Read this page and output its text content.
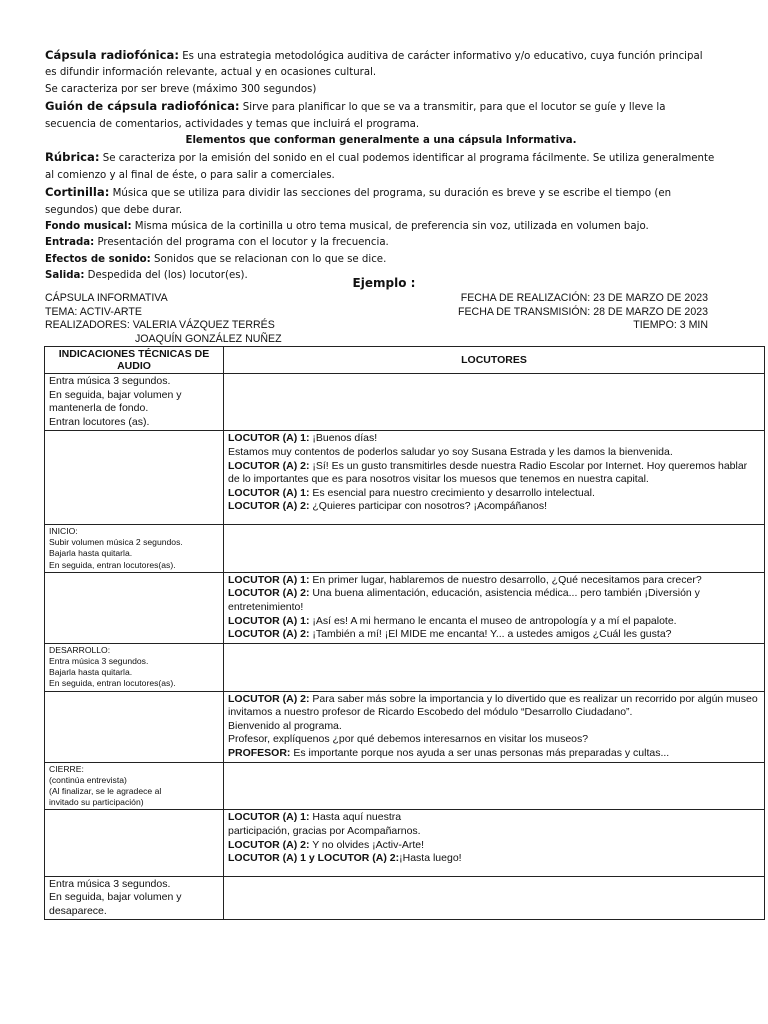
Cápsula radiofónica: Es una estrategia metodológica auditiva de carácter informativo y/o educativo, cuya función principal es difundir información relevante, actual y en ocasiones cultural.

Se caracteriza por ser breve (máximo 300 segundos)

Guión de cápsula radiofónica: Sirve para planificar lo que se va a transmitir, para que el locutor se guíe y lleve la secuencia de comentarios, actividades y temas que incluirá el programa.

Elementos que conforman generalmente a una cápsula Informativa.

Rúbrica: Se caracteriza por la emisión del sonido en el cual podemos identificar al programa fácilmente. Se utiliza generalmente al comienzo y al final de éste, o para salir a comerciales.

Cortinilla: Música que se utiliza para dividir las secciones del programa, su duración es breve y se escribe el tiempo (en segundos) que debe durar.

Fondo musical: Misma música de la cortinilla u otro tema musical, de preferencia sin voz, utilizada en volumen bajo.

Entrada: Presentación del programa con el locutor y la frecuencia.

Efectos de sonido: Sonidos que se relacionan con lo que se dice.

Salida: Despedida del (los) locutor(es).

Ejemplo :
CÁPSULA INFORMATIVA	FECHA DE REALIZACIÓN: 23 DE MARZO DE 2023
TEMA: ACTIV-ARTE	FECHA DE TRANSMISIÓN: 28 DE MARZO DE 2023
REALIZADORES: VALERIA VÁZQUEZ TERRÉS	TIEMPO: 3 MIN
JOAQUÍN GONZÁLEZ NUÑEZ
INDICACIONES TÉCNICAS DE AUDIO	LOCUTORES

Entra música 3 segundos.
En seguida, bajar volumen y
mantenerla de fondo.
Entran locutores (as).	

	LOCUTOR (A) 1: ¡Buenos días!
Estamos muy contentos de poderlos saludar yo soy Susana Estrada y les damos la bienvenida.
LOCUTOR (A) 2: ¡Sí! Es un gusto transmitirles desde nuestra Radio Escolar por Internet. Hoy queremos hablar de lo importantes que es para nosotros visitar los muesos que tenemos en nuestra capital.
LOCUTOR (A) 1: Es esencial para nuestro crecimiento y desarrollo intelectual.
LOCUTOR (A) 2: ¿Quieres participar con nosotros? ¡Acompáñanos!

INICIO:
Subir volumen música 2 segundos.
Bajarla hasta quitarla.
En seguida, entran locutores(as).	

	LOCUTOR (A) 1: En primer lugar, hablaremos de nuestro desarrollo, ¿Qué necesitamos para crecer?
LOCUTOR (A) 2: Una buena alimentación, educación, asistencia médica... pero también ¡Diversión y entretenimiento!
LOCUTOR (A) 1: ¡Así es! A mi hermano le encanta el museo de antropología y a mí el papalote.
LOCUTOR (A) 2: ¡También a mí! ¡El MIDE me encanta! Y... a ustedes amigos ¿Cuál les gusta?

DESARROLLO:
Entra música 3 segundos.
Bajarla hasta quitarla.
En seguida, entran locutores(as).	

	LOCUTOR (A) 2: Para saber más sobre la importancia y lo divertido que es realizar un recorrido por algún museo invitamos a nuestro profesor de Ricardo Escobedo del módulo “Desarrollo Ciudadano”.
Bienvenido al programa.
Profesor, explíquenos ¿por qué debemos interesarnos en visitar los museos?
PROFESOR: Es importante porque nos ayuda a ser unas personas más preparadas y cultas...

CIERRE:
(continúa entrevista)
(Al finalizar, se le agradece al
invitado su participación)	

	LOCUTOR (A) 1: Hasta aquí nuestra
participación, gracias por Acompañarnos.
LOCUTOR (A) 2: Y no olvides ¡Activ-Arte!
LOCUTOR (A) 1 y LOCUTOR (A) 2:¡Hasta luego!

Entra música 3 segundos.
En seguida, bajar volumen y
desaparece.	
